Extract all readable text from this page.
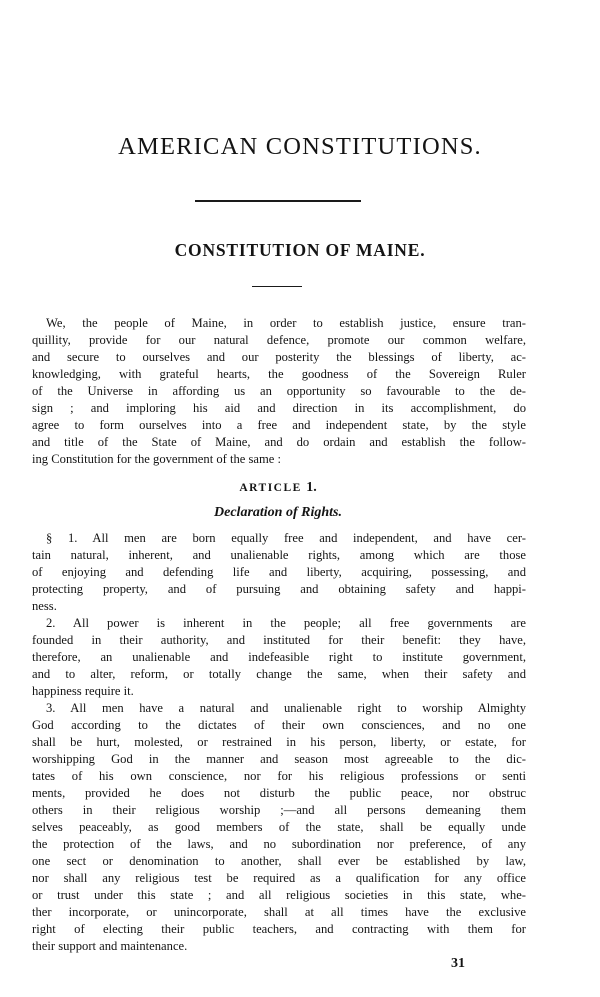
AMERICAN CONSTITUTIONS.
CONSTITUTION OF MAINE.
We, the people of Maine, in order to establish justice, ensure tran-
quillity, provide for our natural defence, promote our common welfare,
and secure to ourselves and our posterity the blessings of liberty, ac-
knowledging, with grateful hearts, the goodness of the Sovereign Ruler
of the Universe in affording us an opportunity so favourable to the de-
sign ; and imploring his aid and direction in its accomplishment, do
agree to form ourselves into a free and independent state, by the style
and title of the State of Maine, and do ordain and establish the follow-
ing Constitution for the government of the same :
ARTICLE 1.
Declaration of Rights.
§ 1. All men are born equally free and independent, and have cer-
tain natural, inherent, and unalienable rights, among which are those
of enjoying and defending life and liberty, acquiring, possessing, and
protecting property, and of pursuing and obtaining safety and happi-
ness.
2. All power is inherent in the people; all free governments are
founded in their authority, and instituted for their benefit: they have,
therefore, an unalienable and indefeasible right to institute government,
and to alter, reform, or totally change the same, when their safety and
happiness require it.
3. All men have a natural and unalienable right to worship Almighty
God according to the dictates of their own consciences, and no one
shall be hurt, molested, or restrained in his person, liberty, or estate, for
worshipping God in the manner and season most agreeable to the dic-
tates of his own conscience, nor for his religious professions or senti
ments, provided he does not disturb the public peace, nor obstruc
others in their religious worship ;—and all persons demeaning them
selves peaceably, as good members of the state, shall be equally unde
the protection of the laws, and no subordination nor preference, of any
one sect or denomination to another, shall ever be established by law,
nor shall any religious test be required as a qualification for any office
or trust under this state ; and all religious societies in this state, whe-
ther incorporate, or unincorporate, shall at all times have the exclusive
right of electing their public teachers, and contracting with them for
their support and maintenance.
31
